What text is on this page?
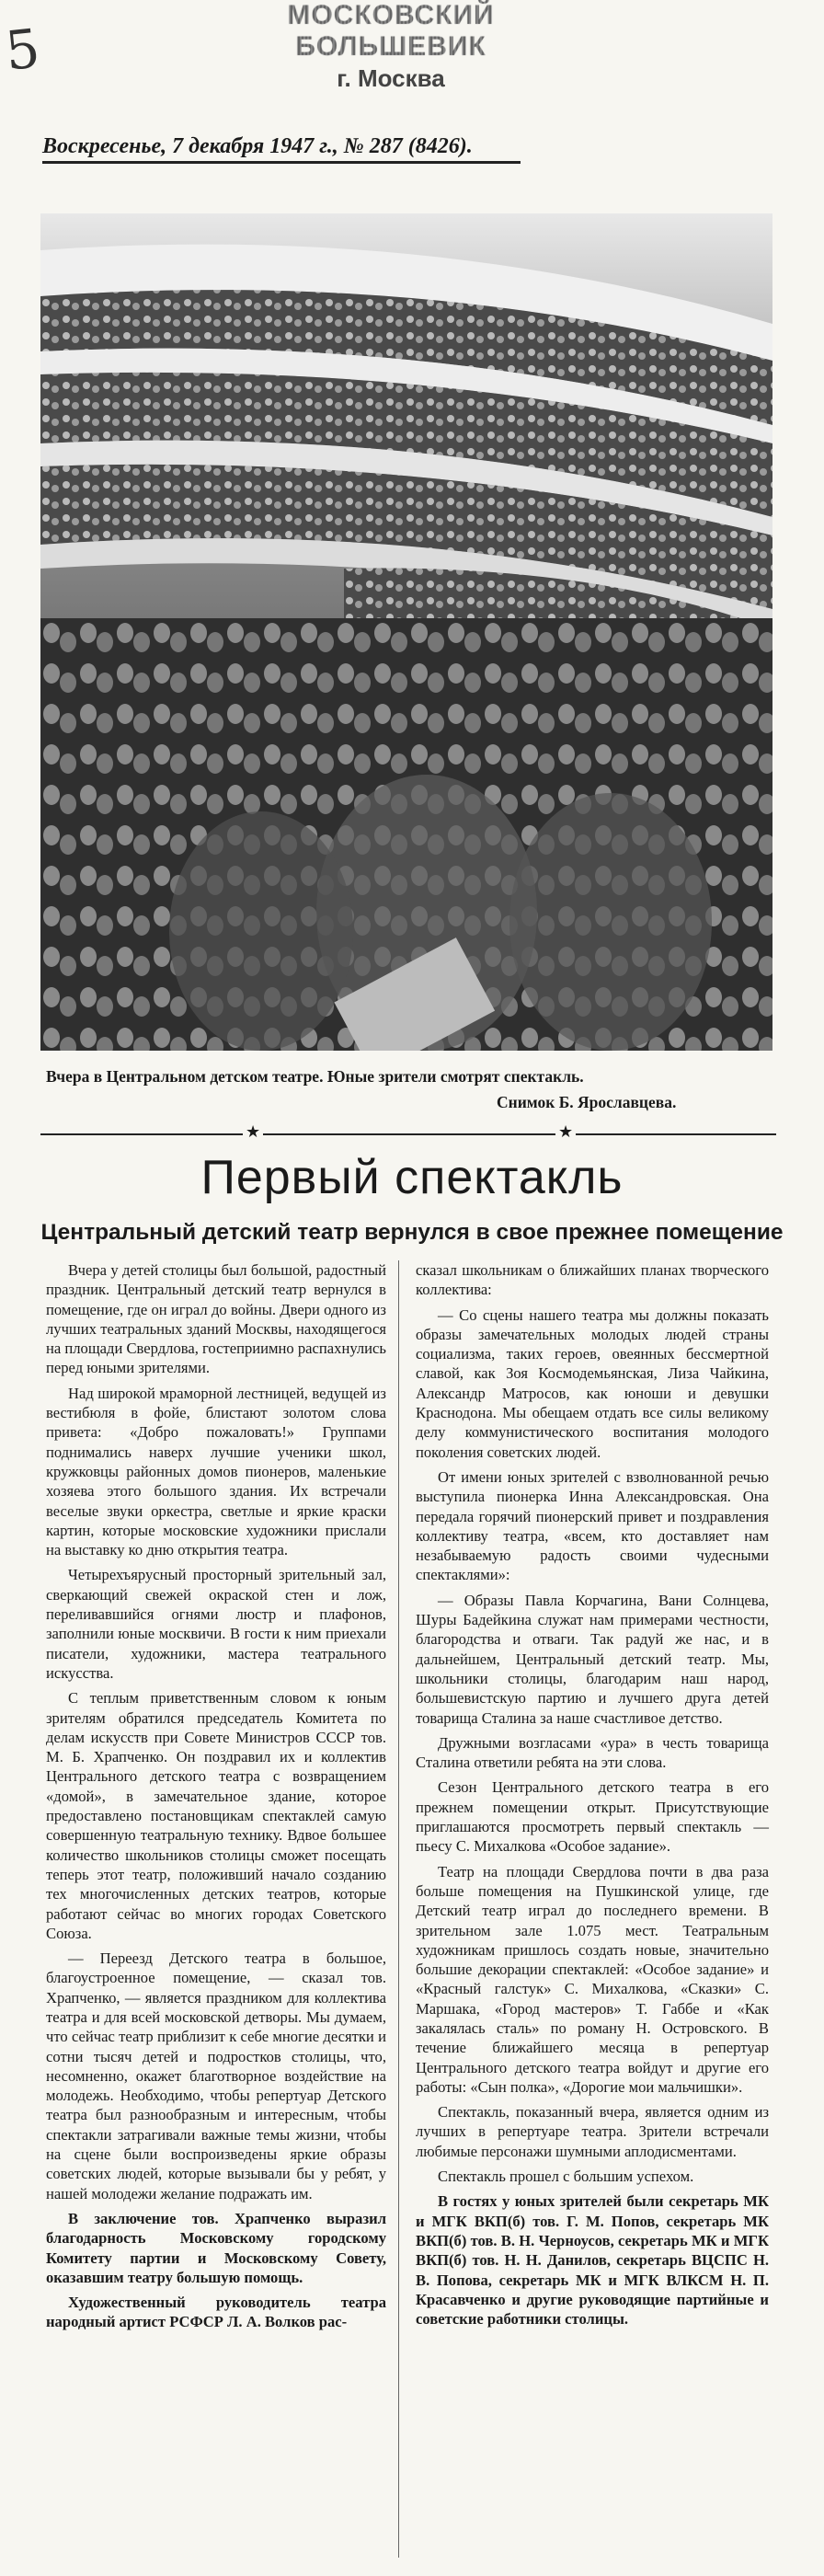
5
МОСКОВСКИЙ БОЛЬШЕВИК
г. Москва
Воскресенье, 7 декабря 1947 г., № 287 (8426).
Вчера в Центральном детском театре. Юные зрители смотрят спектакль.
Снимок Б. Ярославцева.
★	★
Первый спектакль
Центральный детский театр вернулся в свое прежнее помещение

Вчера у детей столицы был большой, радостный праздник. Центральный детский театр вернулся в помещение, где он играл до войны. Двери одного из лучших театральных зданий Москвы, находящегося на площади Свердлова, гостеприимно распахнулись перед юными зрителями.

Над широкой мраморной лестницей, ведущей из вестибюля в фойе, блистают золотом слова привета: «Добро пожаловать!» Группами поднимались наверх лучшие ученики школ, кружковцы районных домов пионеров, маленькие хозяева этого большого здания. Их встречали веселые звуки оркестра, светлые и яркие краски картин, которые московские художники прислали на выставку ко дню открытия театра.

Четырехъярусный просторный зрительный зал, сверкающий свежей окраской стен и лож, переливавшийся огнями люстр и плафонов, заполнили юные москвичи. В гости к ним приехали писатели, художники, мастера театрального искусства.

С теплым приветственным словом к юным зрителям обратился председатель Комитета по делам искусств при Совете Министров СССР тов. М. Б. Храпченко. Он поздравил их и коллектив Центрального детского театра с возвращением «домой», в замечательное здание, которое предоставлено постановщикам спектаклей самую совершенную театральную технику. Вдвое большее количество школьников столицы сможет посещать теперь этот театр, положивший начало созданию тех многочисленных детских театров, которые работают сейчас во многих городах Советского Союза.

— Переезд Детского театра в большое, благоустроенное помещение, — сказал тов. Храпченко, — является праздником для коллектива театра и для всей московской детворы. Мы думаем, что сейчас театр приблизит к себе многие десятки и сотни тысяч детей и подростков столицы, что, несомненно, окажет благотворное воздействие на молодежь. Необходимо, чтобы репертуар Детского театра был разнообразным и интересным, чтобы спектакли затрагивали важные темы жизни, чтобы на сцене были воспроизведены яркие образы советских людей, которые вызывали бы у ребят, у нашей молодежи желание подражать им.

В заключение тов. Храпченко выразил благодарность Московскому городскому Комитету партии и Московскому Совету, оказавшим театру большую помощь.

Художественный руководитель театра народный артист РСФСР Л. А. Волков рас-

сказал школьникам о ближайших планах творческого коллектива:

— Со сцены нашего театра мы должны показать образы замечательных молодых людей страны социализма, таких героев, овеянных бессмертной славой, как Зоя Космодемьянская, Лиза Чайкина, Александр Матросов, как юноши и девушки Краснодона. Мы обещаем отдать все силы великому делу коммунистического воспитания молодого поколения советских людей.

От имени юных зрителей с взволнованной речью выступила пионерка Инна Александровская. Она передала горячий пионерский привет и поздравления коллективу театра, «всем, кто доставляет нам незабываемую радость своими чудесными спектаклями»:

— Образы Павла Корчагина, Вани Солнцева, Шуры Бадейкина служат нам примерами честности, благородства и отваги. Так радуй же нас, и в дальнейшем, Центральный детский театр. Мы, школьники столицы, благодарим наш народ, большевистскую партию и лучшего друга детей товарища Сталина за наше счастливое детство.

Дружными возгласами «ура» в честь товарища Сталина ответили ребята на эти слова.

Сезон Центрального детского театра в его прежнем помещении открыт. Присутствующие приглашаются просмотреть первый спектакль — пьесу С. Михалкова «Особое задание».

Театр на площади Свердлова почти в два раза больше помещения на Пушкинской улице, где Детский театр играл до последнего времени. В зрительном зале 1.075 мест. Театральным художникам пришлось создать новые, значительно большие декорации спектаклей: «Особое задание» и «Красный галстук» С. Михалкова, «Сказки» С. Маршака, «Город мастеров» Т. Габбе и «Как закалялась сталь» по роману Н. Островского. В течение ближайшего месяца в репертуар Центрального детского театра войдут и другие его работы: «Сын полка», «Дорогие мои мальчишки».

Спектакль, показанный вчера, является одним из лучших в репертуаре театра. Зрители встречали любимые персонажи шумными аплодисментами.

Спектакль прошел с большим успехом.

В гостях у юных зрителей были секретарь МК и МГК ВКП(б) тов. Г. М. Попов, секретарь МК ВКП(б) тов. В. Н. Черноусов, секретарь МК и МГК ВКП(б) тов. Н. Н. Данилов, секретарь ВЦСПС Н. В. Попова, секретарь МК и МГК ВЛКСМ Н. П. Красавченко и другие руководящие партийные и советские работники столицы.
